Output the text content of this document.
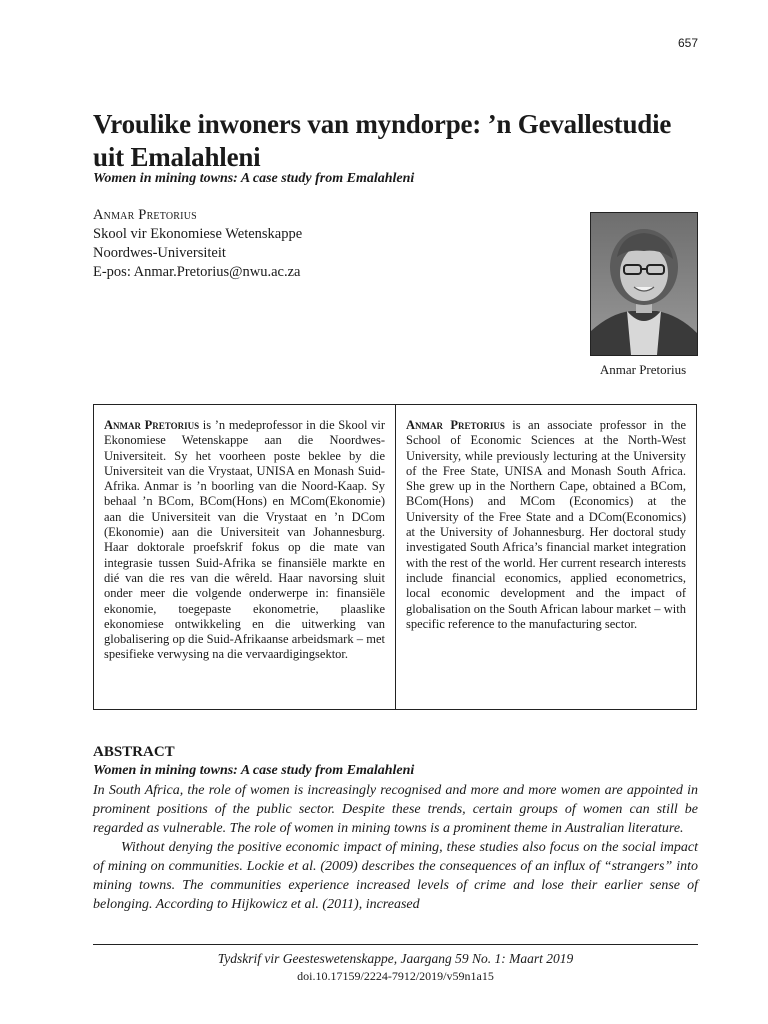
657
Vroulike inwoners van myndorpe: ’n Gevallestudie uit Emalahleni
Women in mining towns: A case study from Emalahleni
Anmar Pretorius
Skool vir Ekonomiese Wetenskappe
Noordwes-Universiteit
E-pos: Anmar.Pretorius@nwu.ac.za
Anmar Pretorius
Anmar Pretorius is ’n medeprofessor in die Skool vir Ekonomiese Wetenskappe aan die Noordwes-Universiteit. Sy het voorheen poste beklee by die Universiteit van die Vrystaat, UNISA en Monash Suid-Afrika. Anmar is ’n boorling van die Noord-Kaap. Sy behaal ’n BCom, BCom(Hons) en MCom(Ekonomie) aan die Universiteit van die Vrystaat en ’n DCom (Ekonomie) aan die Universiteit van Johannesburg. Haar doktorale proefskrif fokus op die mate van integrasie tussen Suid-Afrika se finansiële markte en dié van die res van die wêreld. Haar navorsing sluit onder meer die volgende onderwerpe in: finansiële ekonomie, toegepaste ekonometrie, plaaslike ekonomiese ontwikkeling en die uitwerking van globalisering op die Suid-Afrikaanse arbeidsmark – met spesifieke verwysing na die vervaardigingsektor.
Anmar Pretorius is an associate professor in the School of Economic Sciences at the North-West University, while previously lecturing at the University of the Free State, UNISA and Monash South Africa. She grew up in the Northern Cape, obtained a BCom, BCom(Hons) and MCom (Economics) at the University of the Free State and a DCom(Economics) at the University of Johannesburg. Her doctoral study investigated South Africa’s financial market integration with the rest of the world. Her current research interests include financial economics, applied econometrics, local economic development and the impact of globalisation on the South African labour market – with specific reference to the manufacturing sector.
ABSTRACT
Women in mining towns: A case study from Emalahleni

In South Africa, the role of women is increasingly recognised and more and more women are appointed in prominent positions of the public sector. Despite these trends, certain groups of women can still be regarded as vulnerable. The role of women in mining towns is a prominent theme in Australian literature.

Without denying the positive economic impact of mining, these studies also focus on the social impact of mining on communities. Lockie et al. (2009) describes the consequences of an influx of “strangers” into mining towns. The communities experience increased levels of crime and lose their earlier sense of belonging. According to Hijkowicz et al. (2011), increased

Tydskrif vir Geesteswetenskappe, Jaargang 59 No. 1: Maart 2019
doi.10.17159/2224-7912/2019/v59n1a15
